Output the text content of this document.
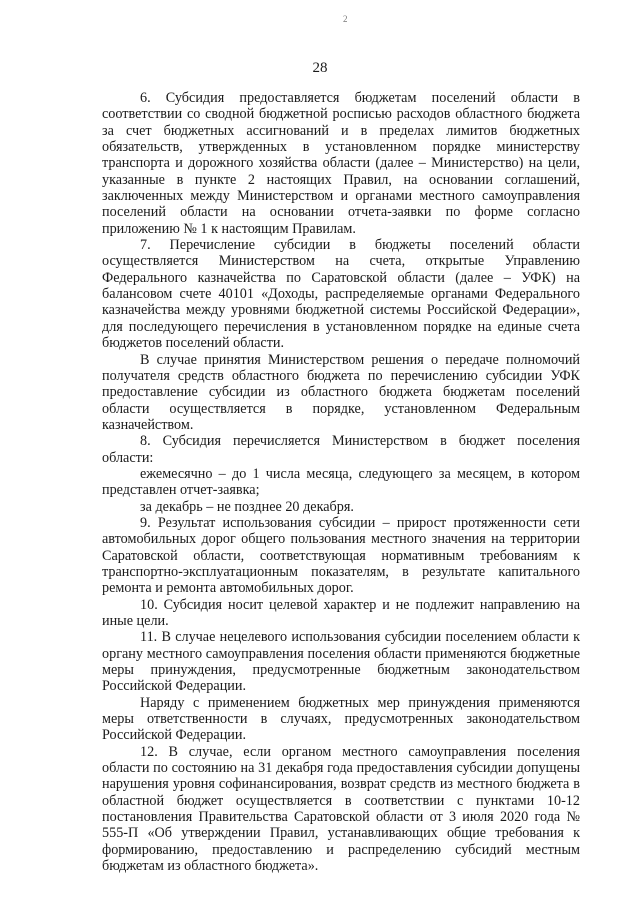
2
28

6. Субсидия предоставляется бюджетам поселений области в соответствии со сводной бюджетной росписью расходов областного бюджета за счет бюджетных ассигнований и в пределах лимитов бюджетных обязательств, утвержденных в установленном порядке министерству транспорта и дорожного хозяйства области (далее – Министерство) на цели, указанные в пункте 2 настоящих Правил, на основании соглашений, заключенных между Министерством и органами местного самоуправления поселений области на основании отчета-заявки по форме согласно приложению № 1 к настоящим Правилам.

7. Перечисление субсидии в бюджеты поселений области осуществляется Министерством на счета, открытые Управлению Федерального казначейства по Саратовской области (далее – УФК) на балансовом счете 40101 «Доходы, распределяемые органами Федерального казначейства между уровнями бюджетной системы Российской Федерации», для последующего перечисления в установленном порядке на единые счета бюджетов поселений области.

В случае принятия Министерством решения о передаче полномочий получателя средств областного бюджета по перечислению субсидии УФК предоставление субсидии из областного бюджета бюджетам поселений области осуществляется в порядке, установленном Федеральным казначейством.

8. Субсидия перечисляется Министерством в бюджет поселения области:

ежемесячно – до 1 числа месяца, следующего за месяцем, в котором представлен отчет-заявка;

за декабрь – не позднее 20 декабря.

9. Результат использования субсидии – прирост протяженности сети автомобильных дорог общего пользования местного значения на территории Саратовской области, соответствующая нормативным требованиям к транспортно-эксплуатационным показателям, в результате капитального ремонта и ремонта автомобильных дорог.

10. Субсидия носит целевой характер и не подлежит направлению на иные цели.

11. В случае нецелевого использования субсидии поселением области к органу местного самоуправления поселения области применяются бюджетные меры принуждения, предусмотренные бюджетным законодательством Российской Федерации.

Наряду с применением бюджетных мер принуждения применяются меры ответственности в случаях, предусмотренных законодательством Российской Федерации.

12. В случае, если органом местного самоуправления поселения области по состоянию на 31 декабря года предоставления субсидии допущены нарушения уровня софинансирования, возврат средств из местного бюджета в областной бюджет осуществляется в соответствии с пунктами 10-12 постановления Правительства Саратовской области от 3 июля 2020 года № 555-П «Об утверждении Правил, устанавливающих общие требования к формированию, предоставлению и распределению субсидий местным бюджетам из областного бюджета».
